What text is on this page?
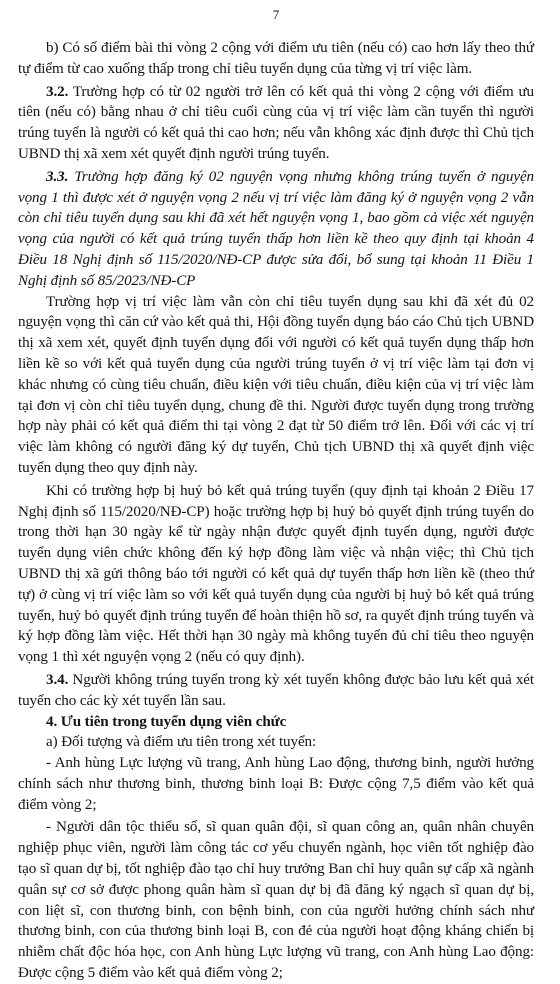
7

b) Có số điểm bài thi vòng 2 cộng với điểm ưu tiên (nếu có) cao hơn lấy theo thứ tự điểm từ cao xuống thấp trong chỉ tiêu tuyển dụng của từng vị trí việc làm.

3.2. Trường hợp có từ 02 người trở lên có kết quả thi vòng 2 cộng với điểm ưu tiên (nếu có) bằng nhau ở chỉ tiêu cuối cùng của vị trí việc làm cần tuyển thì người trúng tuyển là người có kết quả thi cao hơn; nếu vẫn không xác định được thì Chủ tịch UBND thị xã xem xét quyết định người trúng tuyển.

3.3. Trường hợp đăng ký 02 nguyện vọng nhưng không trúng tuyển ở nguyện vọng 1 thì được xét ở nguyện vọng 2 nếu vị trí việc làm đăng ký ở nguyện vọng 2 vẫn còn chỉ tiêu tuyển dụng sau khi đã xét hết nguyện vọng 1, bao gồm cả việc xét nguyện vọng của người có kết quả trúng tuyển thấp hơn liền kề theo quy định tại khoản 4 Điều 18 Nghị định số 115/2020/NĐ-CP được sửa đổi, bổ sung tại khoản 11 Điều 1 Nghị định số 85/2023/NĐ-CP

Trường hợp vị trí việc làm vẫn còn chỉ tiêu tuyển dụng sau khi đã xét đủ 02 nguyện vọng thì căn cứ vào kết quả thi, Hội đồng tuyển dụng báo cáo Chủ tịch UBND thị xã xem xét, quyết định tuyển dụng đối với người có kết quả tuyển dụng thấp hơn liền kề so với kết quả tuyển dụng của người trúng tuyển ở vị trí việc làm tại đơn vị khác nhưng có cùng tiêu chuẩn, điều kiện với tiêu chuẩn, điều kiện của vị trí việc làm tại đơn vị còn chỉ tiêu tuyển dụng, chung đề thi. Người được tuyển dụng trong trường hợp này phải có kết quả điểm thi tại vòng 2 đạt từ 50 điểm trở lên. Đối với các vị trí việc làm không có người đăng ký dự tuyển, Chủ tịch UBND thị xã quyết định việc tuyển dụng theo quy định này.

Khi có trường hợp bị huỷ bỏ kết quả trúng tuyển (quy định tại khoản 2 Điều 17 Nghị định số 115/2020/NĐ-CP) hoặc trường hợp bị huỷ bỏ quyết định trúng tuyển do trong thời hạn 30 ngày kể từ ngày nhận được quyết định tuyển dụng, người được tuyển dụng viên chức không đến ký hợp đồng làm việc và nhận việc; thì Chủ tịch UBND thị xã gửi thông báo tới người có kết quả dự tuyển thấp hơn liền kề (theo thứ tự) ở cùng vị trí việc làm so với kết quả tuyển dụng của người bị huỷ bỏ kết quả trúng tuyển, huỷ bỏ quyết định trúng tuyển để hoàn thiện hồ sơ, ra quyết định trúng tuyển và ký hợp đồng làm việc. Hết thời hạn 30 ngày mà không tuyển đủ chỉ tiêu theo nguyện vọng 1 thì xét nguyện vọng 2 (nếu có quy định).

3.4. Người không trúng tuyển trong kỳ xét tuyển không được bảo lưu kết quả xét tuyển cho các kỳ xét tuyển lần sau.

4. Ưu tiên trong tuyển dụng viên chức

a) Đối tượng và điểm ưu tiên trong xét tuyển:

- Anh hùng Lực lượng vũ trang, Anh hùng Lao động, thương binh, người hưởng chính sách như thương binh, thương binh loại B: Được cộng 7,5 điểm vào kết quả điểm vòng 2;

- Người dân tộc thiểu số, sĩ quan quân đội, sĩ quan công an, quân nhân chuyên nghiệp phục viên, người làm công tác cơ yếu chuyển ngành, học viên tốt nghiệp đào tạo sĩ quan dự bị, tốt nghiệp đào tạo chỉ huy trưởng Ban chỉ huy quân sự cấp xã ngành quân sự cơ sở được phong quân hàm sĩ quan dự bị đã đăng ký ngạch sĩ quan dự bị, con liệt sĩ, con thương binh, con bệnh binh, con của người hưởng chính sách như thương binh, con của thương binh loại B, con đẻ của người hoạt động kháng chiến bị nhiễm chất độc hóa học, con Anh hùng Lực lượng vũ trang, con Anh hùng Lao động: Được cộng 5 điểm vào kết quả điểm vòng 2;
